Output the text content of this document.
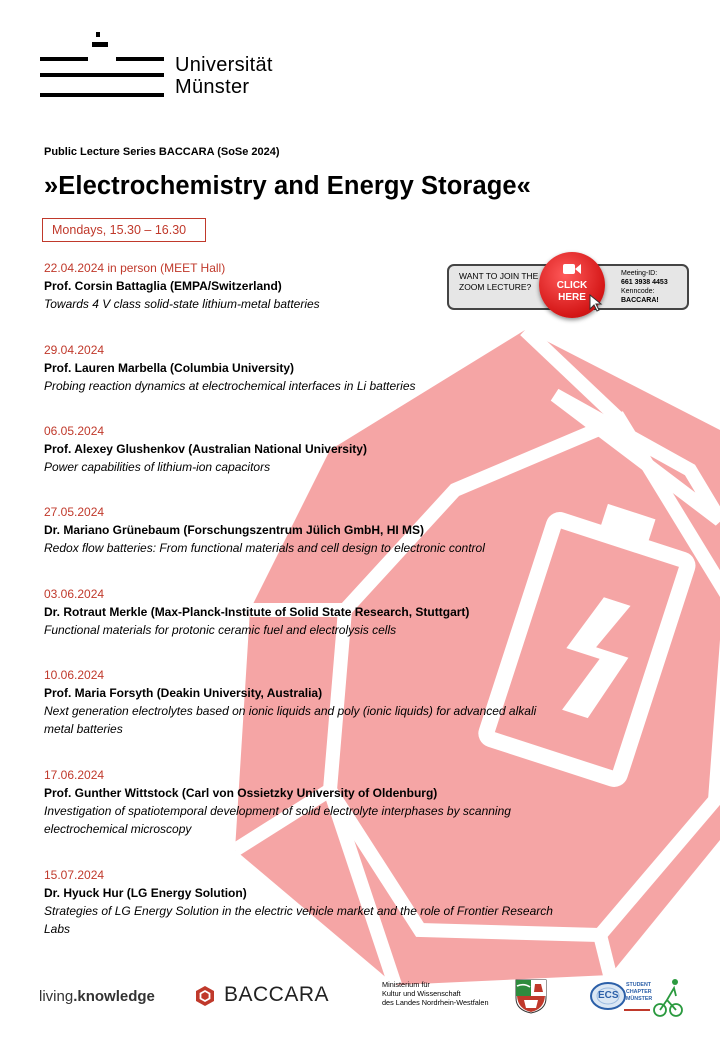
Universität
Münster
Public Lecture Series BACCARA (SoSe 2024)
»Electrochemistry and Energy Storage«
Mondays, 15.30 – 16.30
WANT TO JOIN THE ZOOM LECTURE?	CLICK
HERE
Meeting-ID:
661 3938 4453
Kenncode:
BACCARA!
22.04.2024 in person (MEET Hall)
Prof. Corsin Battaglia (EMPA/Switzerland)
Towards 4 V class solid-state lithium-metal batteries
29.04.2024
Prof. Lauren Marbella (Columbia University)
Probing reaction dynamics at electrochemical interfaces in Li batteries
06.05.2024
Prof. Alexey Glushenkov (Australian National University)
Power capabilities of lithium-ion capacitors
27.05.2024
Dr. Mariano Grünebaum (Forschungszentrum Jülich GmbH, HI MS)
Redox flow batteries: From functional materials and cell design to electronic control
03.06.2024
Dr. Rotraut Merkle (Max-Planck-Institute of Solid State Research, Stuttgart)
Functional materials for protonic ceramic fuel and electrolysis cells
10.06.2024
Prof. Maria Forsyth (Deakin University, Australia)
Next generation electrolytes based on ionic liquids and poly (ionic liquids) for advanced alkali metal batteries
17.06.2024
Prof. Gunther Wittstock (Carl von Ossietzky University of Oldenburg)
Investigation of spatiotemporal development of solid electrolyte interphases by scanning electrochemical microscopy
15.07.2024
Dr. Hyuck Hur (LG Energy Solution)
Strategies of LG Energy Solution in the electric vehicle market and the role of Frontier Research Labs
living.knowledge	BACCARA	Ministerium für
Kultur und Wissenschaft
des Landes Nordrhein-Westfalen
ECS
STUDENT
CHAPTER
MÜNSTER
